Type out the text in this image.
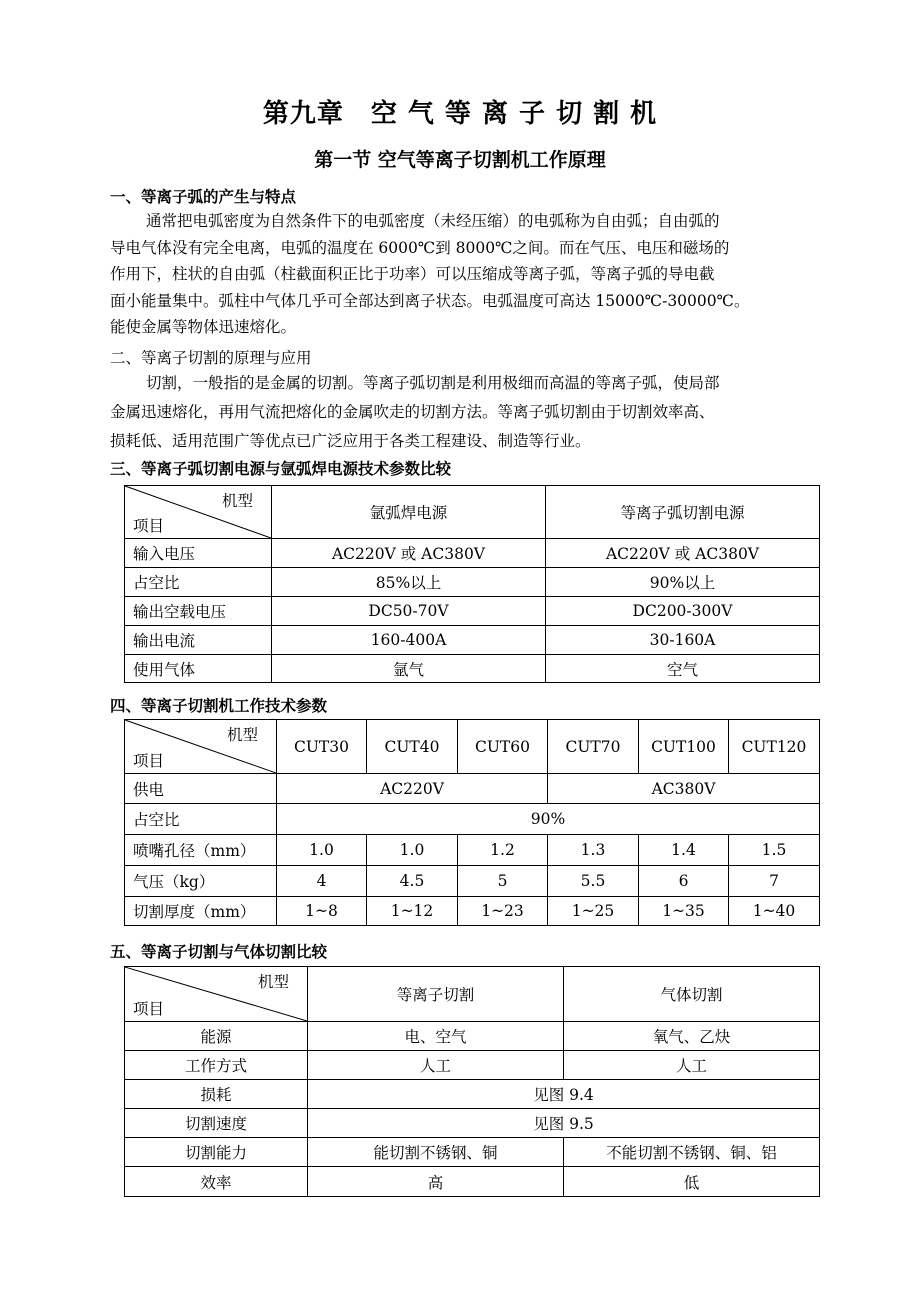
第九章　空 气 等 离 子 切 割 机
第一节 空气等离子切割机工作原理
一、等离子弧的产生与特点
通常把电弧密度为自然条件下的电弧密度（未经压缩）的电弧称为自由弧；自由弧的
导电气体没有完全电离，电弧的温度在 6000℃到 8000℃之间。而在气压、电压和磁场的
作用下，柱状的自由弧（柱截面积正比于功率）可以压缩成等离子弧，等离子弧的导电截
面小能量集中。弧柱中气体几乎可全部达到离子状态。电弧温度可高达 15000℃-30000℃。
能使金属等物体迅速熔化。
二、等离子切割的原理与应用
切割，一般指的是金属的切割。等离子弧切割是利用极细而高温的等离子弧，使局部
金属迅速熔化，再用气流把熔化的金属吹走的切割方法。等离子弧切割由于切割效率高、
损耗低、适用范围广等优点已广泛应用于各类工程建设、制造等行业。
三、等离子弧切割电源与氩弧焊电源技术参数比较
机型
项目	氩弧焊电源	等离子弧切割电源
输入电压	AC220V 或 AC380V	AC220V 或 AC380V
占空比	85%以上	90%以上
输出空载电压	DC50-70V	DC200-300V
输出电流	160-400A	30-160A
使用气体	氩气	空气
四、等离子切割机工作技术参数
机型
项目	CUT30	CUT40	CUT60	CUT70	CUT100	CUT120
供电	AC220V			AC380V		
占空比	90%					
喷嘴孔径（mm）	1.0	1.0	1.2	1.3	1.4	1.5
气压（kg）	4	4.5	5	5.5	6	7
切割厚度（mm）	1~8	1~12	1~23	1~25	1~35	1~40
五、等离子切割与气体切割比较
机型
项目	等离子切割	气体切割
能源	电、空气	氧气、乙炔
工作方式	人工	人工
损耗	见图 9.4	
切割速度	见图 9.5	
切割能力	能切割不锈钢、铜	不能切割不锈钢、铜、铝
效率	高	低
